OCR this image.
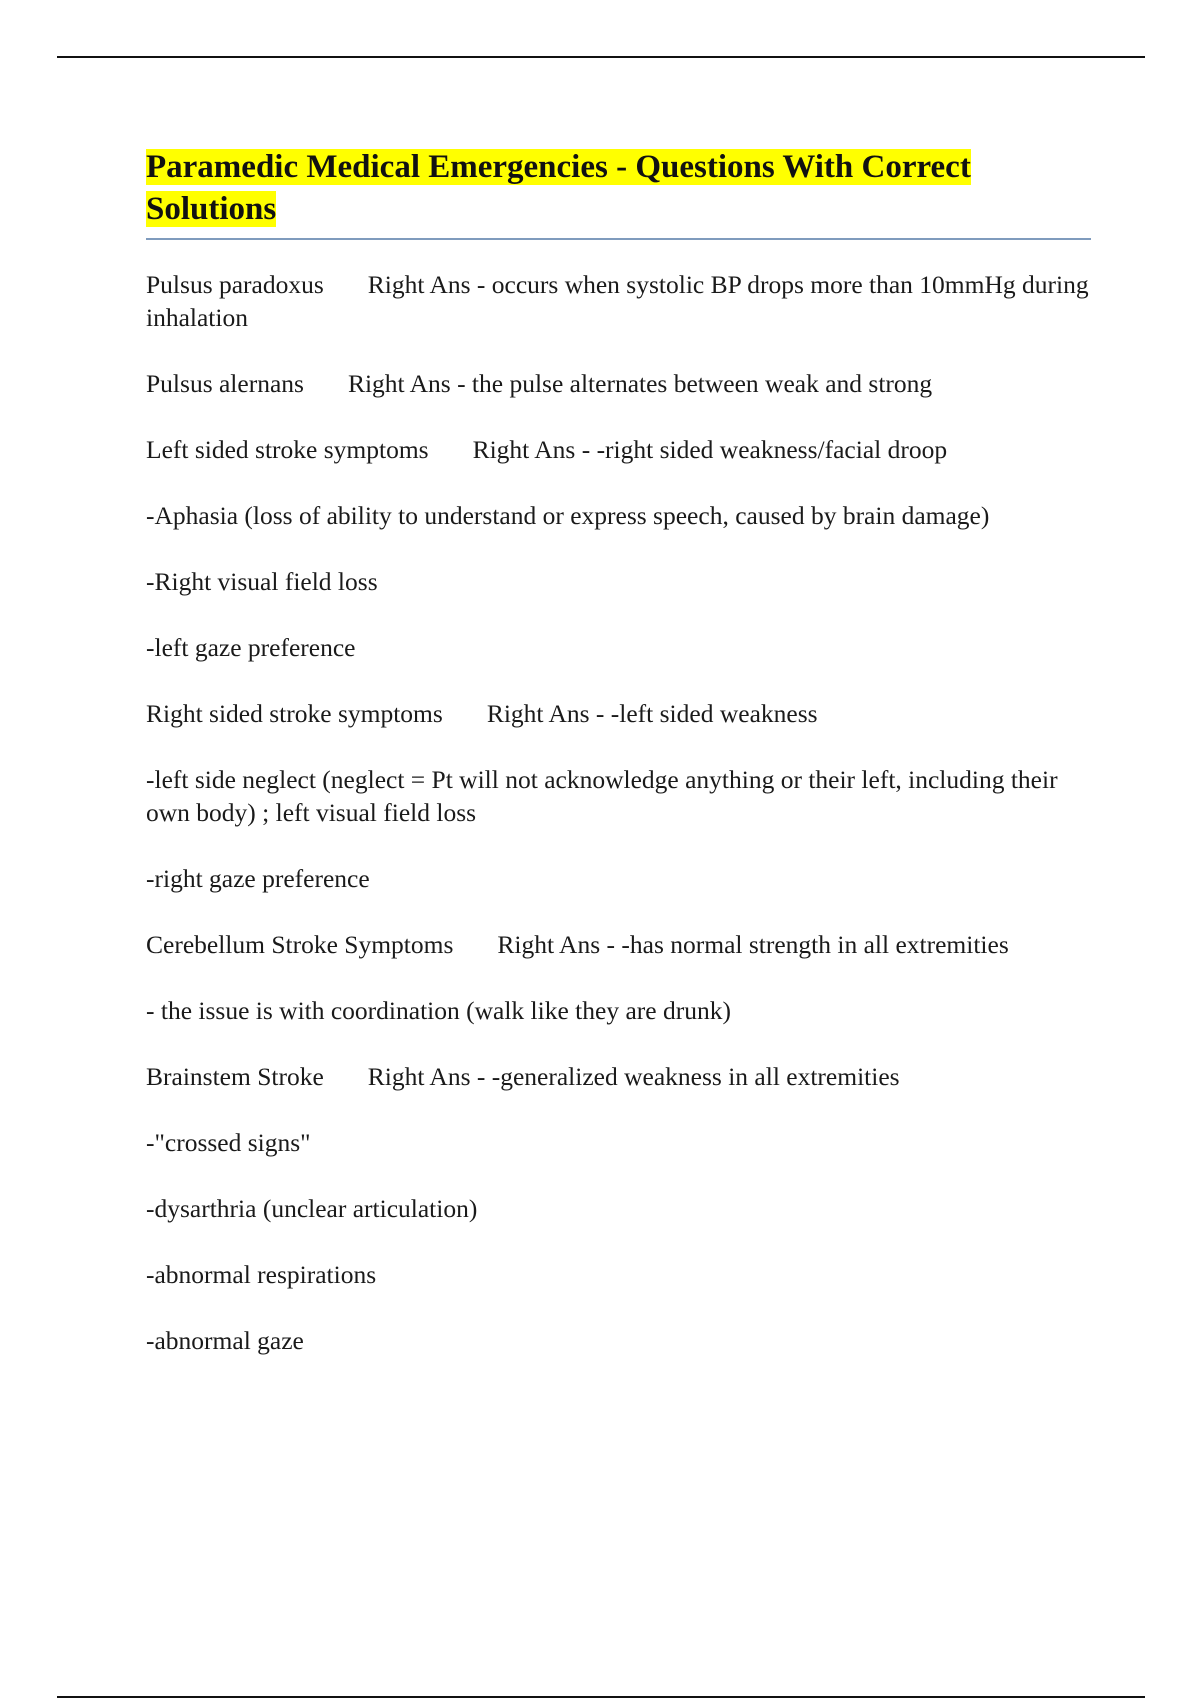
Paramedic Medical Emergencies - Questions With Correct Solutions

Pulsus paradoxus Right Ans - occurs when systolic BP drops more than 10mmHg during inhalation

Pulsus alernans Right Ans - the pulse alternates between weak and strong

Left sided stroke symptoms Right Ans - -right sided weakness/facial droop

-Aphasia (loss of ability to understand or express speech, caused by brain damage)

-Right visual field loss

-left gaze preference

Right sided stroke symptoms Right Ans - -left sided weakness

-left side neglect (neglect = Pt will not acknowledge anything or their left, including their own body) ; left visual field loss

-right gaze preference

Cerebellum Stroke Symptoms Right Ans - -has normal strength in all extremities

- the issue is with coordination (walk like they are drunk)

Brainstem Stroke Right Ans - -generalized weakness in all extremities

-"crossed signs"

-dysarthria (unclear articulation)

-abnormal respirations

-abnormal gaze
